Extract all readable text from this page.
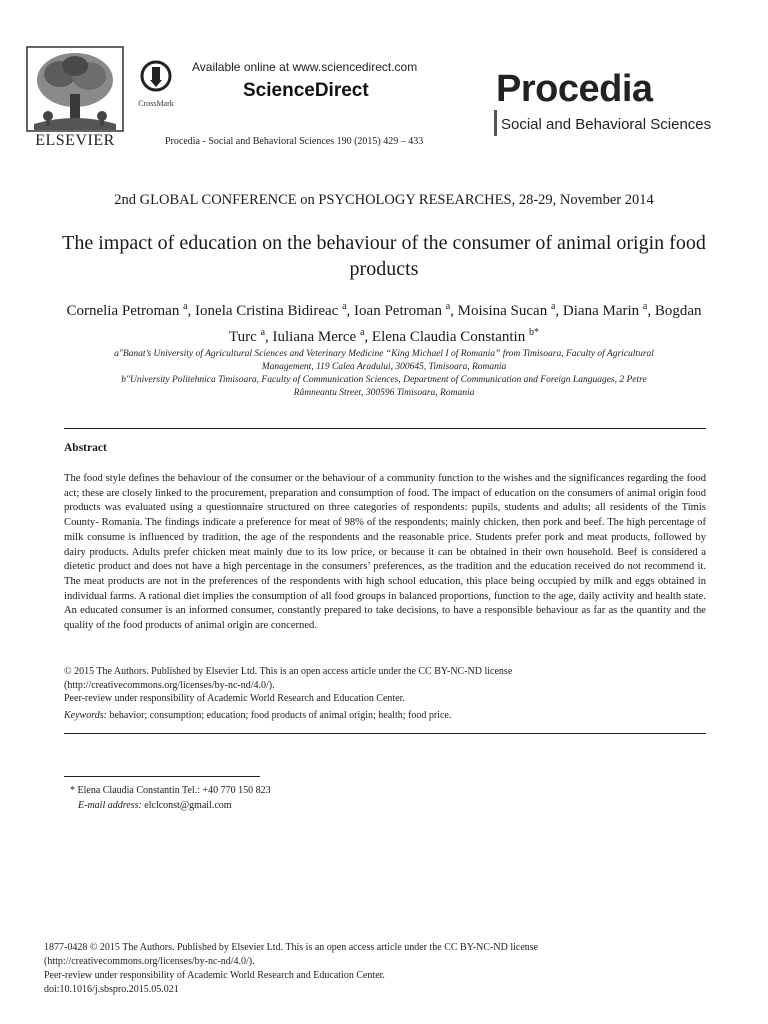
ELSEVIER
CrossMark
Available online at www.sciencedirect.com
ScienceDirect
Procedia - Social and Behavioral Sciences 190 (2015) 429 – 433
Procedia
Social and Behavioral Sciences
2nd GLOBAL CONFERENCE on PSYCHOLOGY RESEARCHES, 28-29, November 2014
The impact of education on the behaviour of the consumer of animal origin food products
Cornelia Petroman $^a$, Ionela Cristina Bidireac $^a$, Ioan Petroman $^a$, Moisina Sucan $^a$, Diana Marin $^a$, Bogdan Turc $^a$, Iuliana Merce $^a$, Elena Claudia Constantin $^{b*}$
a"Banat’s University of Agricultural Sciences and Veterinary Medicine “King Michael I of Romania” from Timisoara, Faculty of Agricultural
Management, 119 Calea Aradului, 300645, Timisoara, Romania
b"University Politehnica Timisoara, Faculty of Communication Sciences, Department of Communication and Foreign Languages, 2 Petre
Râmneantu Street, 300596 Timisoara, Romania
Abstract

The food style defines the behaviour of the consumer or the behaviour of a community function to the wishes and the significances regarding the food act; these are closely linked to the procurement, preparation and consumption of food. The impact of education on the consumers of animal origin food products was evaluated using a questionnaire structured on three categories of respondents: pupils, students and adults; all residents of the Timis County- Romania. The findings indicate a preference for meat of 98% of the respondents; mainly chicken, then pork and beef. The high percentage of milk consume is influenced by tradition, the age of the respondents and the reasonable price. Students prefer pork and meat products, followed by dairy products. Adults prefer chicken meat mainly due to its low price, or because it can be obtained in their own household. Beef is considered a dietetic product and does not have a high percentage in the consumers’ preferences, as the tradition and the education received do not recommend it. The meat products are not in the preferences of the respondents with high school education, this place being occupied by milk and eggs obtained in individual farms. A rational diet implies the consumption of all food groups in balanced proportions, function to the age, daily activity and health state. An educated consumer is an informed consumer, constantly prepared to take decisions, to have a responsible behaviour as far as the quantity and the quality of the food products of animal origin are concerned.

© 2015 The Authors. Published by Elsevier Ltd. This is an open access article under the CC BY-NC-ND license
(http://creativecommons.org/licenses/by-nc-nd/4.0/).
Peer-review under responsibility of Academic World Research and Education Center.
Keywords: behavior; consumption; education; food products of animal origin; health; food price.
* Elena Claudia Constantin Tel.: +40 770 150 823
E-mail address: elclconst@gmail.com
1877-0428 © 2015 The Authors. Published by Elsevier Ltd. This is an open access article under the CC BY-NC-ND license
(http://creativecommons.org/licenses/by-nc-nd/4.0/).
Peer-review under responsibility of Academic World Research and Education Center.
doi:10.1016/j.sbspro.2015.05.021
